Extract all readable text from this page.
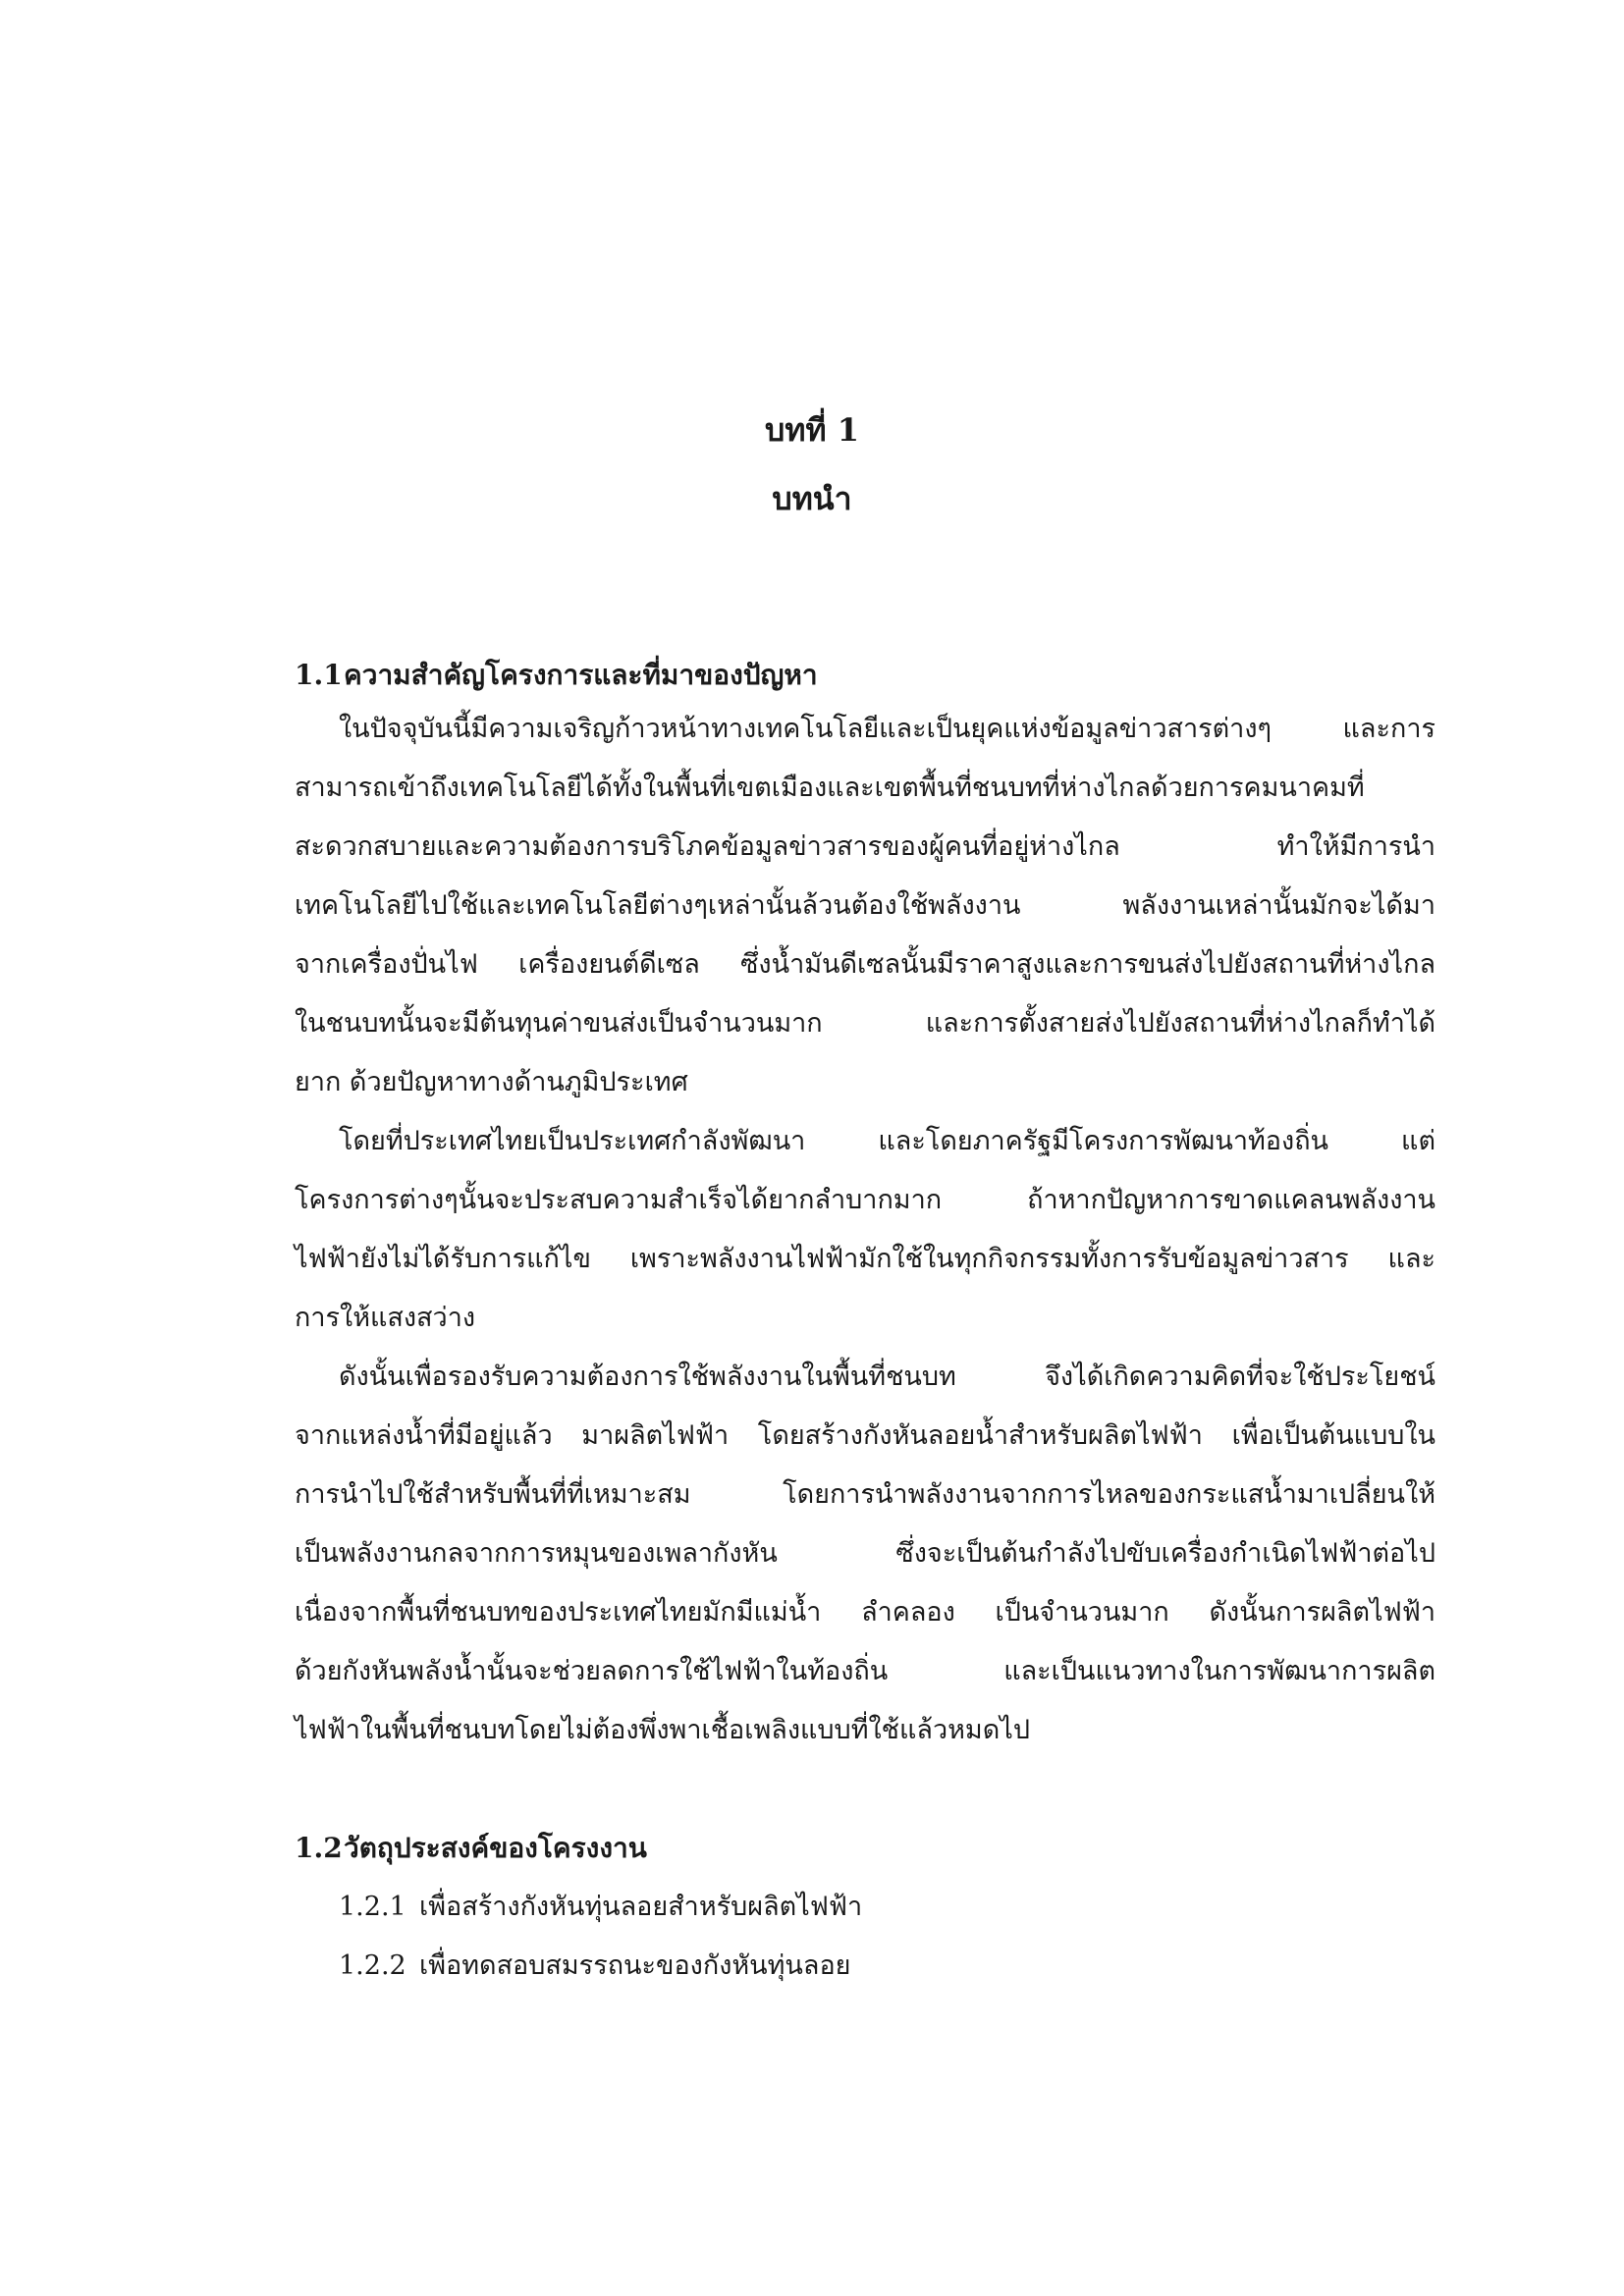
บทที่ 1
บทนำ
1.1ความสำคัญโครงการและที่มาของปัญหา

ในปัจจุบันนี้มีความเจริญก้าวหน้าทางเทคโนโลยีและเป็นยุคแห่งข้อมูลข่าวสารต่างๆ และการ

สามารถเข้าถึงเทคโนโลยีได้ทั้งในพื้นที่เขตเมืองและเขตพื้นที่ชนบทที่ห่างไกลด้วยการคมนาคมที่

สะดวกสบายและความต้องการบริโภคข้อมูลข่าวสารของผู้คนที่อยู่ห่างไกล ทำให้มีการนำ

เทคโนโลยีไปใช้และเทคโนโลยีต่างๆเหล่านั้นล้วนต้องใช้พลังงาน พลังงานเหล่านั้นมักจะได้มา

จากเครื่องปั่นไฟ เครื่องยนต์ดีเซล ซึ่งน้ำมันดีเซลนั้นมีราคาสูงและการขนส่งไปยังสถานที่ห่างไกล

ในชนบทนั้นจะมีต้นทุนค่าขนส่งเป็นจำนวนมาก และการตั้งสายส่งไปยังสถานที่ห่างไกลก็ทำได้

ยาก ด้วยปัญหาทางด้านภูมิประเทศ

โดยที่ประเทศไทยเป็นประเทศกำลังพัฒนา และโดยภาครัฐมีโครงการพัฒนาท้องถิ่น แต่

โครงการต่างๆนั้นจะประสบความสำเร็จได้ยากลำบากมาก ถ้าหากปัญหาการขาดแคลนพลังงาน

ไฟฟ้ายังไม่ได้รับการแก้ไข เพราะพลังงานไฟฟ้ามักใช้ในทุกกิจกรรมทั้งการรับข้อมูลข่าวสาร และ

การให้แสงสว่าง

ดังนั้นเพื่อรองรับความต้องการใช้พลังงานในพื้นที่ชนบท จึงได้เกิดความคิดที่จะใช้ประโยชน์

จากแหล่งน้ำที่มีอยู่แล้ว มาผลิตไฟฟ้า โดยสร้างกังหันลอยน้ำสำหรับผลิตไฟฟ้า เพื่อเป็นต้นแบบใน

การนำไปใช้สำหรับพื้นที่ที่เหมาะสม โดยการนำพลังงานจากการไหลของกระแสน้ำมาเปลี่ยนให้

เป็นพลังงานกลจากการหมุนของเพลากังหัน ซึ่งจะเป็นต้นกำลังไปขับเครื่องกำเนิดไฟฟ้าต่อไป

เนื่องจากพื้นที่ชนบทของประเทศไทยมักมีแม่น้ำ ลำคลอง เป็นจำนวนมาก ดังนั้นการผลิตไฟฟ้า

ด้วยกังหันพลังน้ำนั้นจะช่วยลดการใช้ไฟฟ้าในท้องถิ่น และเป็นแนวทางในการพัฒนาการผลิต

ไฟฟ้าในพื้นที่ชนบทโดยไม่ต้องพึ่งพาเชื้อเพลิงแบบที่ใช้แล้วหมดไป

1.2วัตถุประสงค์ของโครงงาน
1.2.1 เพื่อสร้างกังหันทุ่นลอยสำหรับผลิตไฟฟ้า
1.2.2 เพื่อทดสอบสมรรถนะของกังหันทุ่นลอย
